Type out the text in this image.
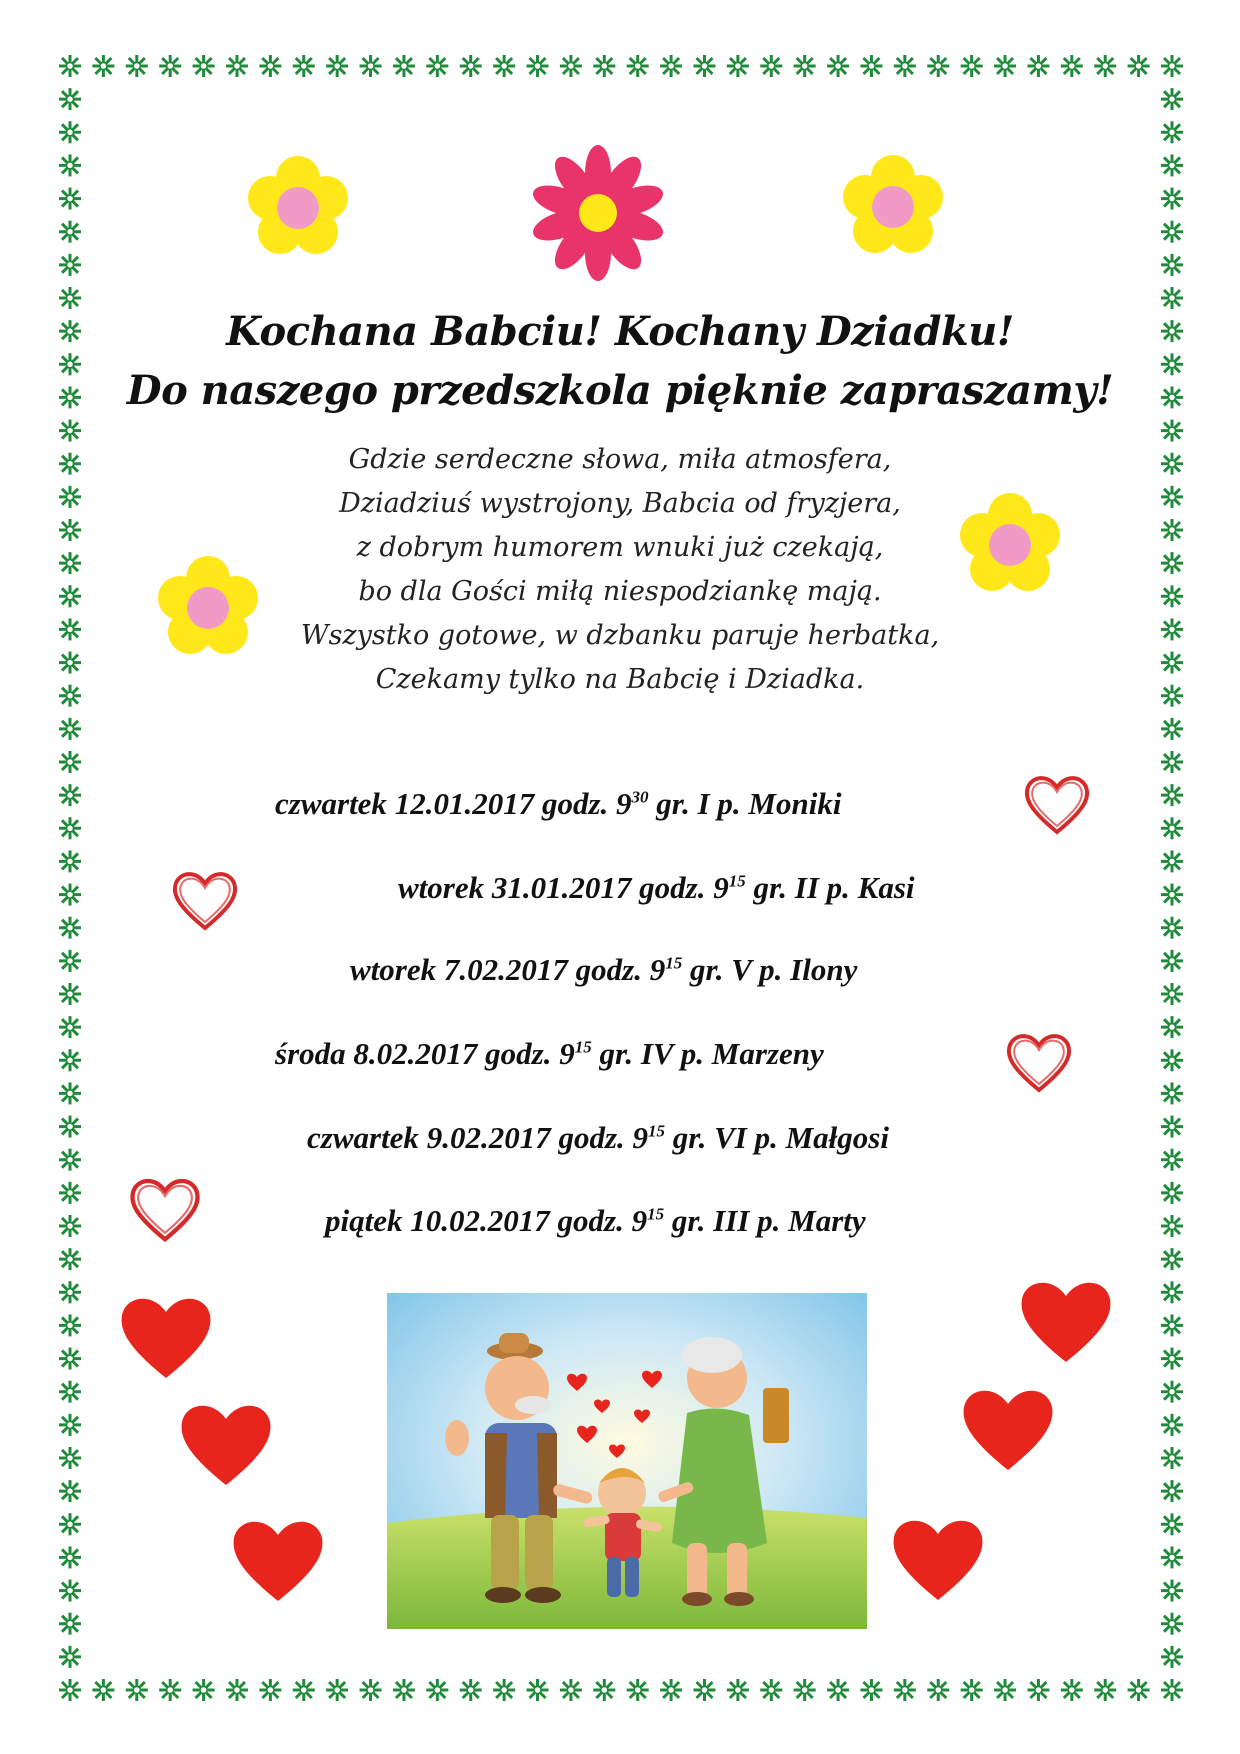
Kochana Babciu! Kochany Dziadku!
Do naszego przedszkola pięknie zapraszamy!
Gdzie serdeczne słowa, miła atmosfera,
Dziadziuś wystrojony, Babcia od fryzjera,
z dobrym humorem wnuki już czekają,
bo dla Gości miłą niespodziankę mają.
Wszystko gotowe, w dzbanku paruje herbatka,
Czekamy tylko na Babcię i Dziadka.
czwartek 12.01.2017 godz. $9^{30}$ gr. I p. Moniki
wtorek 31.01.2017 godz. $9^{15}$ gr. II p. Kasi
wtorek 7.02.2017 godz. $9^{15}$ gr. V p. Ilony
środa 8.02.2017 godz. $9^{15}$ gr. IV p. Marzeny
czwartek 9.02.2017 godz. $9^{15}$ gr. VI p. Małgosi
piątek 10.02.2017 godz. $9^{15}$ gr. III p. Marty
